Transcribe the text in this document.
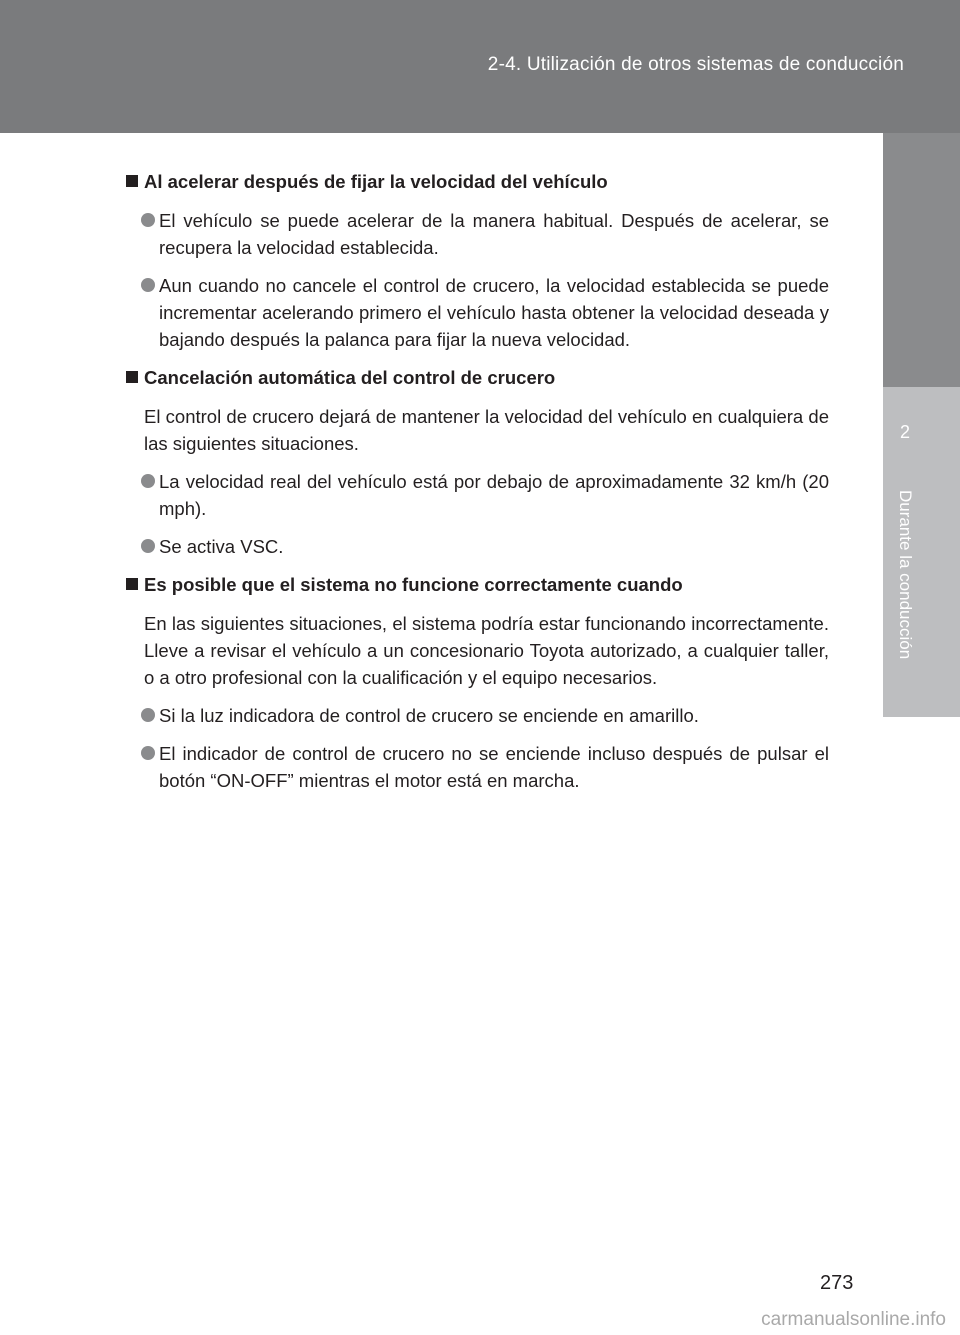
2-4. Utilización de otros sistemas de conducción
2
Durante la conducción
Al acelerar después de fijar la velocidad del vehículo
El vehículo se puede acelerar de la manera habitual. Después de acelerar, se recupera la velocidad establecida.
Aun cuando no cancele el control de crucero, la velocidad establecida se puede incrementar acelerando primero el vehículo hasta obtener la velocidad deseada y bajando después la palanca para fijar la nueva velocidad.
Cancelación automática del control de crucero
El control de crucero dejará de mantener la velocidad del vehículo en cualquiera de las siguientes situaciones.
La velocidad real del vehículo está por debajo de aproximadamente 32 km/h (20 mph).
Se activa VSC.
Es posible que el sistema no funcione correctamente cuando
En las siguientes situaciones, el sistema podría estar funcionando incorrectamente. Lleve a revisar el vehículo a un concesionario Toyota autorizado, a cualquier taller, o a otro profesional con la cualificación y el equipo necesarios.
Si la luz indicadora de control de crucero se enciende en amarillo.
El indicador de control de crucero no se enciende incluso después de pulsar el botón “ON-OFF” mientras el motor está en marcha.
273
carmanualsonline.info
